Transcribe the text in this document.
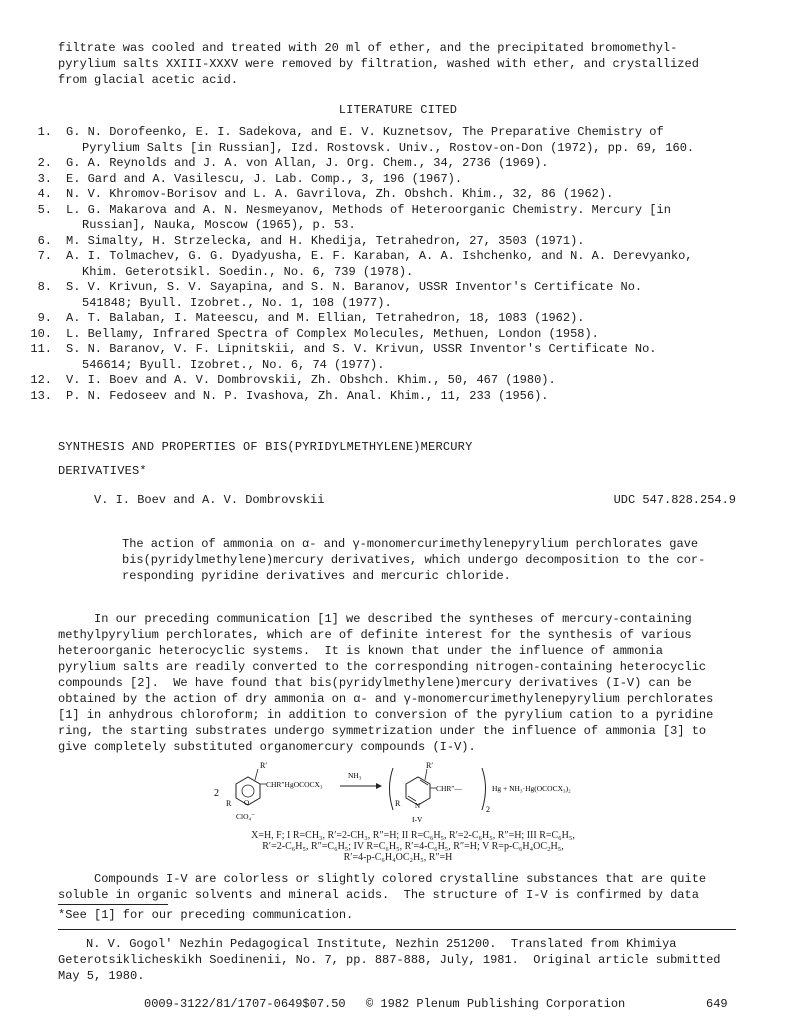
filtrate was cooled and treated with 20 ml of ether, and the precipitated bromomethyl-
pyrylium salts XXIII-XXXV were removed by filtration, washed with ether, and crystallized
from glacial acetic acid.
LITERATURE CITED
1. G. N. Dorofeenko, E. I. Sadekova, and E. V. Kuznetsov, The Preparative Chemistry of
Pyrylium Salts [in Russian], Izd. Rostovsk. Univ., Rostov-on-Don (1972), pp. 69, 160.
2. G. A. Reynolds and J. A. von Allan, J. Org. Chem., 34, 2736 (1969).
3. E. Gard and A. Vasilescu, J. Lab. Comp., 3, 196 (1967).
4. N. V. Khromov-Borisov and L. A. Gavrilova, Zh. Obshch. Khim., 32, 86 (1962).
5. L. G. Makarova and A. N. Nesmeyanov, Methods of Heteroorganic Chemistry. Mercury [in
Russian], Nauka, Moscow (1965), p. 53.
6. M. Simalty, H. Strzelecka, and H. Khedija, Tetrahedron, 27, 3503 (1971).
7. A. I. Tolmachev, G. G. Dyadyusha, E. F. Karaban, A. A. Ishchenko, and N. A. Derevyanko,
Khim. Geterotsikl. Soedin., No. 6, 739 (1978).
8. S. V. Krivun, S. V. Sayapina, and S. N. Baranov, USSR Inventor's Certificate No.
541848; Byull. Izobret., No. 1, 108 (1977).
9. A. T. Balaban, I. Mateescu, and M. Ellian, Tetrahedron, 18, 1083 (1962).
10. L. Bellamy, Infrared Spectra of Complex Molecules, Methuen, London (1958).
11. S. N. Baranov, V. F. Lipnitskii, and S. V. Krivun, USSR Inventor's Certificate No.
546614; Byull. Izobret., No. 6, 74 (1977).
12. V. I. Boev and A. V. Dombrovskii, Zh. Obshch. Khim., 50, 467 (1980).
13. P. N. Fedoseev and N. P. Ivashova, Zh. Anal. Khim., 11, 233 (1956).
SYNTHESIS AND PROPERTIES OF BIS(PYRIDYLMETHYLENE)MERCURY
DERIVATIVES*
V. I. Boev and A. V. Dombrovskii	UDC 547.828.254.9
The action of ammonia on α- and γ-monomercurimethylenepyrylium perchlorates gave
bis(pyridylmethylene)mercury derivatives, which undergo decomposition to the cor-
responding pyridine derivatives and mercuric chloride.
In our preceding communication [1] we described the syntheses of mercury-containing
methylpyrylium perchlorates, which are of definite interest for the synthesis of various
heteroorganic heterocyclic systems.  It is known that under the influence of ammonia
pyrylium salts are readily converted to the corresponding nitrogen-containing heterocyclic
compounds [2].  We have found that bis(pyridylmethylene)mercury derivatives (I-V) can be
obtained by the action of dry ammonia on α- and γ-monomercurimethylenepyrylium perchlorates
[1] in anhydrous chloroform; in addition to conversion of the pyrylium cation to a pyridine
ring, the starting substrates undergo symmetrization under the influence of ammonia [3] to
give completely substituted organomercury compounds (I-V).
2
R′
R O
CHR″HgOCOCX₃
ClO₄⁻
NH₃
R′
R N
CHR″—
2
Hg + NH₃·Hg(OCOCX₃)₂
I-V
X=H, F; I R=CH₃, R′=2-CH₃, R″=H; II R=C₆H₅, R′=2-C₆H₅, R″=H; III R=C₆H₅,
R′=2-C₆H₅, R″=C₆H₅; IV R=C₆H₅, R′=4-C₆H₅, R″=H; V R=p-C₆H₄OC₂H₅,
R′=4-p-C₆H₄OC₂H₅, R″=H
Compounds I-V are colorless or slightly colored crystalline substances that are quite
soluble in organic solvents and mineral acids.  The structure of I-V is confirmed by data
*See [1] for our preceding communication.
N. V. Gogol' Nezhin Pedagogical Institute, Nezhin 251200.  Translated from Khimiya
Geterotsiklicheskikh Soedinenii, No. 7, pp. 887-888, July, 1981.  Original article submitted
May 5, 1980.
0009-3122/81/1707-0649$07.50 © 1982 Plenum Publishing Corporation	649
